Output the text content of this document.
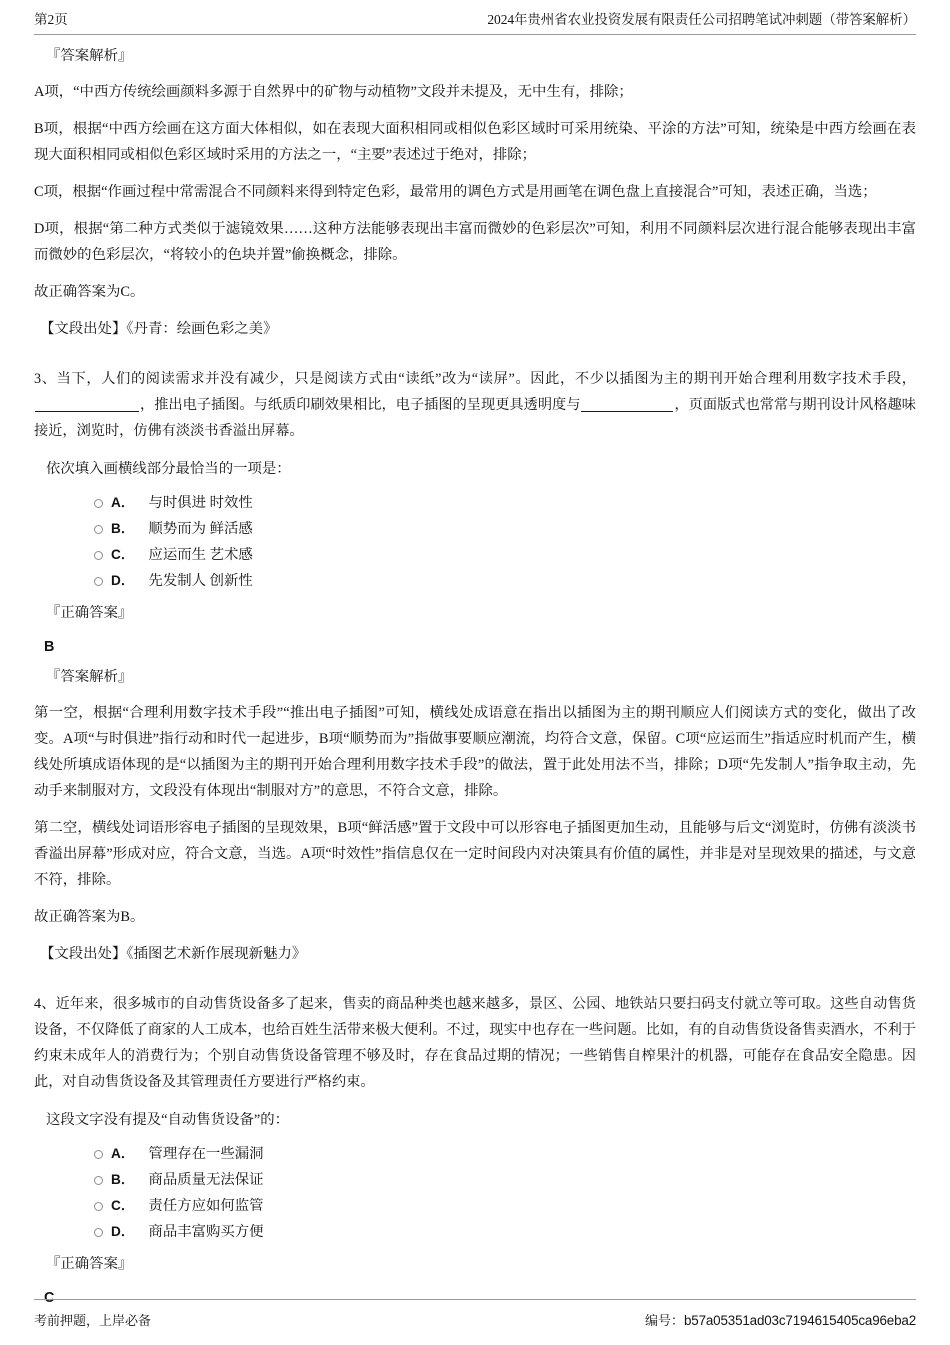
第2页	2024年贵州省农业投资发展有限责任公司招聘笔试冲刺题（带答案解析）
『答案解析』
A项，“中西方传统绘画颜料多源于自然界中的矿物与动植物”文段并未提及，无中生有，排除；
B项，根据“中西方绘画在这方面大体相似，如在表现大面积相同或相似色彩区域时可采用统染、平涂的方法”可知，统染是中西方绘画在表现大面积相同或相似色彩区域时采用的方法之一，“主要”表述过于绝对，排除；
C项，根据“作画过程中常需混合不同颜料来得到特定色彩，最常用的调色方式是用画笔在调色盘上直接混合”可知，表述正确，当选；
D项，根据“第二种方式类似于滤镜效果……这种方法能够表现出丰富而微妙的色彩层次”可知，利用不同颜料层次进行混合能够表现出丰富而微妙的色彩层次，“将较小的色块并置”偷换概念，排除。
故正确答案为C。
【文段出处】《丹青：绘画色彩之美》
3、当下，人们的阅读需求并没有减少，只是阅读方式由“读纸”改为“读屏”。因此，不少以插图为主的期刊开始合理利用数字技术手段，，推出电子插图。与纸质印刷效果相比，电子插图的呈现更具透明度与	，页面版式也常常与期刊设计风格趣味接近，浏览时，仿佛有淡淡书香溢出屏幕。
依次填入画横线部分最恰当的一项是：
A． 与时俱进 时效性
B． 顺势而为 鲜活感
C． 应运而生 艺术感
D． 先发制人 创新性
『正确答案』
B
『答案解析』
第一空，根据“合理利用数字技术手段”“推出电子插图”可知，横线处成语意在指出以插图为主的期刊顺应人们阅读方式的变化，做出了改变。A项“与时俱进”指行动和时代一起进步，B项“顺势而为”指做事要顺应潮流，均符合文意，保留。C项“应运而生”指适应时机而产生，横线处所填成语体现的是“以插图为主的期刊开始合理利用数字技术手段”的做法，置于此处用法不当，排除；D项“先发制人”指争取主动，先动手来制服对方，文段没有体现出“制服对方”的意思，不符合文意，排除。
第二空，横线处词语形容电子插图的呈现效果，B项“鲜活感”置于文段中可以形容电子插图更加生动，且能够与后文“浏览时，仿佛有淡淡书香溢出屏幕”形成对应，符合文意，当选。A项“时效性”指信息仅在一定时间段内对决策具有价值的属性，并非是对呈现效果的描述，与文意不符，排除。
故正确答案为B。
【文段出处】《插图艺术新作展现新魅力》
4、近年来，很多城市的自动售货设备多了起来，售卖的商品种类也越来越多，景区、公园、地铁站只要扫码支付就立等可取。这些自动售货设备，不仅降低了商家的人工成本，也给百姓生活带来极大便利。不过，现实中也存在一些问题。比如，有的自动售货设备售卖酒水，不利于约束未成年人的消费行为；个别自动售货设备管理不够及时，存在食品过期的情况；一些销售自榨果汁的机器，可能存在食品安全隐患。因此，对自动售货设备及其管理责任方要进行严格约束。
这段文字没有提及“自动售货设备”的：
A． 管理存在一些漏洞
B． 商品质量无法保证
C． 责任方应如何监管
D． 商品丰富购买方便
『正确答案』
C
考前押题，上岸必备	编号：b57a05351ad03c7194615405ca96eba2
